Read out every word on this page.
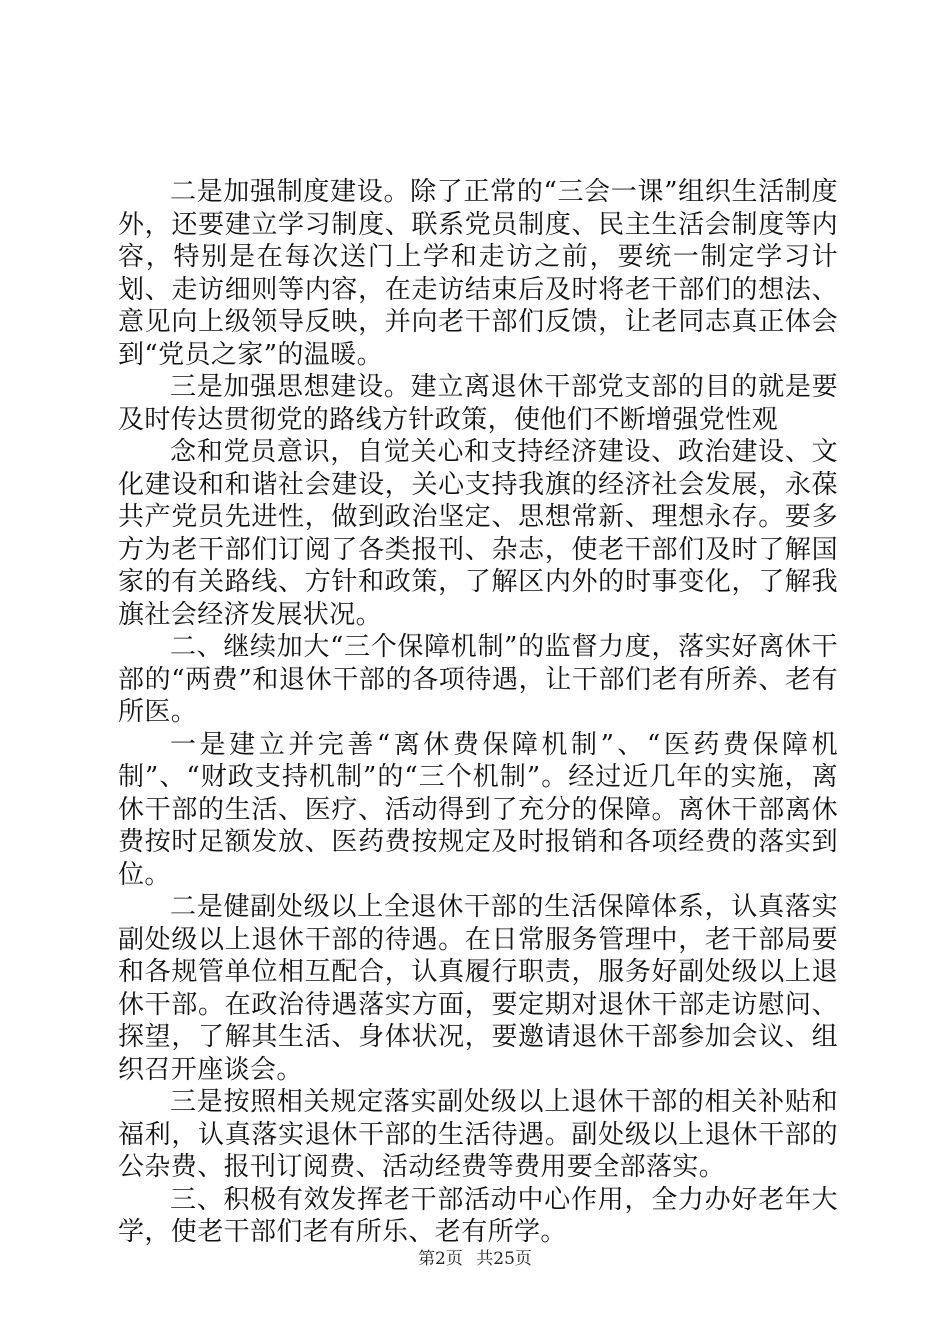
二是加强制度建设。除了正常的“三会一课”组织生活制度外，还要建立学习制度、联系党员制度、民主生活会制度等内容，特别是在每次送门上学和走访之前，要统一制定学习计划、走访细则等内容，在走访结束后及时将老干部们的想法、意见向上级领导反映，并向老干部们反馈，让老同志真正体会到“党员之家”的温暖。

三是加强思想建设。建立离退休干部党支部的目的就是要及时传达贯彻党的路线方针政策，使他们不断增强党性观

念和党员意识，自觉关心和支持经济建设、政治建设、文化建设和和谐社会建设，关心支持我旗的经济社会发展，永葆共产党员先进性，做到政治坚定、思想常新、理想永存。要多方为老干部们订阅了各类报刊、杂志，使老干部们及时了解国家的有关路线、方针和政策，了解区内外的时事变化，了解我旗社会经济发展状况。

二、继续加大“三个保障机制”的监督力度，落实好离休干部的“两费”和退休干部的各项待遇，让干部们老有所养、老有所医。

一是建立并完善“离休费保障机制”、“医药费保障机制”、“财政支持机制”的“三个机制”。经过近几年的实施，离休干部的生活、医疗、活动得到了充分的保障。离休干部离休费按时足额发放、医药费按规定及时报销和各项经费的落实到位。

二是健副处级以上全退休干部的生活保障体系，认真落实副处级以上退休干部的待遇。在日常服务管理中，老干部局要和各规管单位相互配合，认真履行职责，服务好副处级以上退休干部。在政治待遇落实方面，要定期对退休干部走访慰问、探望，了解其生活、身体状况，要邀请退休干部参加会议、组织召开座谈会。

三是按照相关规定落实副处级以上退休干部的相关补贴和福利，认真落实退休干部的生活待遇。副处级以上退休干部的公杂费、报刊订阅费、活动经费等费用要全部落实。

三、积极有效发挥老干部活动中心作用，全力办好老年大学，使老干部们老有所乐、老有所学。

第2页 共25页
